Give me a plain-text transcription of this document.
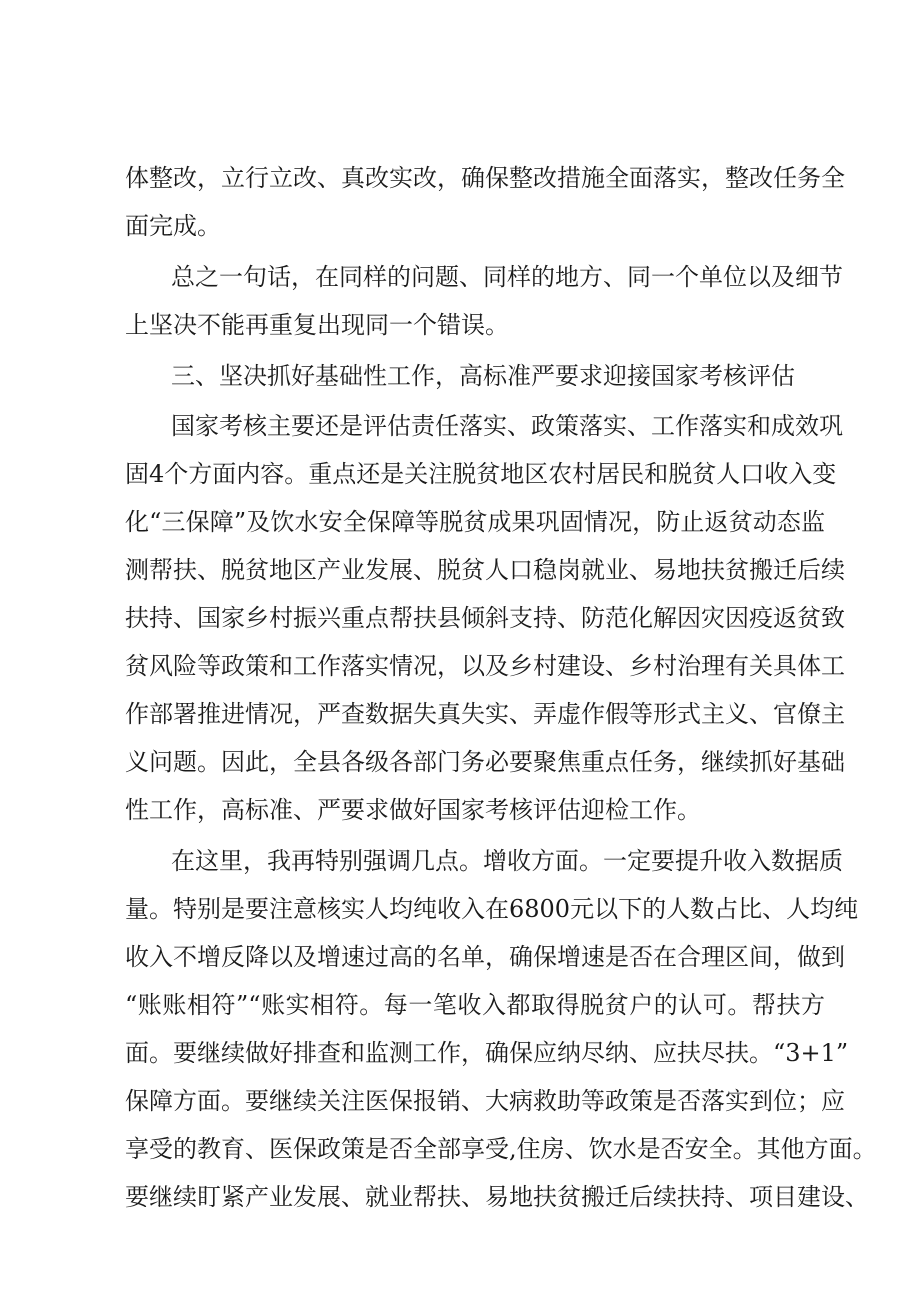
体整改，立行立改、真改实改，确保整改措施全面落实，整改任务全
面完成。
总之一句话，在同样的问题、同样的地方、同一个单位以及细节
上坚决不能再重复出现同一个错误。
三、坚决抓好基础性工作，高标准严要求迎接国家考核评估
国家考核主要还是评估责任落实、政策落实、工作落实和成效巩
固4个方面内容。重点还是关注脱贫地区农村居民和脱贫人口收入变
化“三保障”及饮水安全保障等脱贫成果巩固情况，防止返贫动态监
测帮扶、脱贫地区产业发展、脱贫人口稳岗就业、易地扶贫搬迁后续
扶持、国家乡村振兴重点帮扶县倾斜支持、防范化解因灾因疫返贫致
贫风险等政策和工作落实情况，以及乡村建设、乡村治理有关具体工
作部署推进情况，严查数据失真失实、弄虚作假等形式主义、官僚主
义问题。因此，全县各级各部门务必要聚焦重点任务，继续抓好基础
性工作，高标准、严要求做好国家考核评估迎检工作。
在这里，我再特别强调几点。增收方面。一定要提升收入数据质
量。特别是要注意核实人均纯收入在6800元以下的人数占比、人均纯
收入不增反降以及增速过高的名单，确保增速是否在合理区间，做到
“账账相符”“账实相符。每一笔收入都取得脱贫户的认可。帮扶方
面。要继续做好排查和监测工作，确保应纳尽纳、应扶尽扶。“3+1”
保障方面。要继续关注医保报销、大病救助等政策是否落实到位；应
享受的教育、医保政策是否全部享受,住房、饮水是否安全。其他方面。
要继续盯紧产业发展、就业帮扶、易地扶贫搬迁后续扶持、项目建设、
